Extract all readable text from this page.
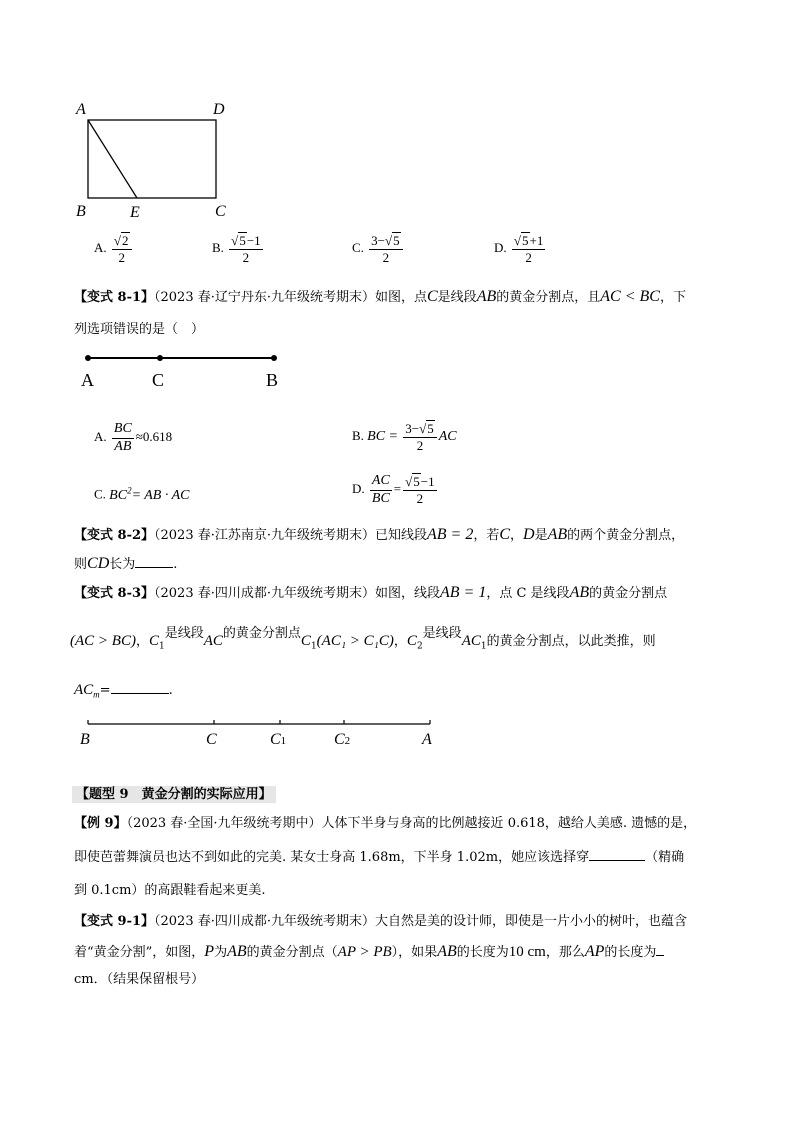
A	D
B	E	C
A. $\frac{√2}{2}$	B. $\frac{√5-1}{2}$	C. $\frac{3-√5}{2}$	D. $\frac{√5+1}{2}$
【变式 8-1】（2023 春·辽宁丹东·九年级统考期末）如图，点C是线段AB的黄金分割点，且AC < BC，下
列选项错误的是（　）
A	C	B
A. $\frac{BC}{AB} \approx 0.618$	B. BC = $\frac{3-√5}{2}$ AC
C. $BC^2=$ AB · AC	D. $\frac{AC}{BC} = \frac{√5-1}{2}$
【变式 8-2】（2023 春·江苏南京·九年级统考期末）已知线段AB = 2，若C，D是AB的两个黄金分割点，
则CD长为	.
【变式 8-3】（2023 春·四川成都·九年级统考期末）如图，线段AB = 1，点 C 是线段AB的黄金分割点
(AC > BC)，$C_1$是线段AC的黄金分割点$C_1(AC_1 > C_1C)$，$C_2$是线段$AC_1$的黄金分割点，以此类推，则
$AC_m=$	.
B	C	C1	C2	A
【题型 9　黄金分割的实际应用】
【例 9】（2023 春·全国·九年级统考期中）人体下半身与身高的比例越接近 0.618，越给人美感. 遗憾的是，
即使芭蕾舞演员也达不到如此的完美. 某女士身高 1.68m，下半身 1.02m，她应该选择穿	（精确
到 0.1cm）的高跟鞋看起来更美.
【变式 9-1】（2023 春·四川成都·九年级统考期末）大自然是美的设计师，即使是一片小小的树叶，也蕴含
着“黄金分割”，如图，P为AB的黄金分割点（AP > PB），如果AB的长度为10 cm，那么AP的长度为
cm．（结果保留根号）
